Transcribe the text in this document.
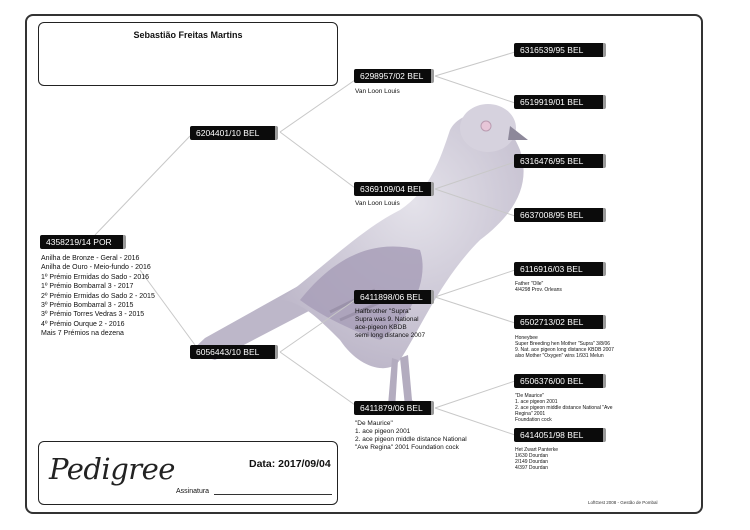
Sebastião Freitas Martins
4358219/14 POR
Anilha de Bronze - Geral - 2016
Anilha de Ouro - Meio-fundo - 2016
1º Prémio Ermidas do Sado - 2016
1º Prémio Bombarral 3 - 2017
2º Prémio Ermidas do Sado 2 - 2015
3º Prémio Bombarral 3 - 2015
3º Prémio Torres Vedras 3 - 2015
4º Prémio Ourque 2 - 2016
Mais 7 Prémios na dezena
6204401/10 BEL
6056443/10 BEL
6298957/02 BEL
Van Loon Louis
6369109/04 BEL
Van Loon Louis
6411898/06 BEL
Halfbrother "Supra"
Supra was 9. National
ace-pigeon KBDB
semi long distance 2007
6411879/06 BEL
"De Maurice"
1. ace pigeon 2001
2. ace pigeon middle distance National
"Ave Regina" 2001 Foundation cock
6316539/95 BEL
6519919/01 BEL
6316476/95 BEL
6637008/95 BEL
6116916/03 BEL
Father "Olle"
4/4298 Prov. Orleans
6502713/02 BEL
Honeybee
Super Breeding hen Mother "Supra" 3/8/06
9. Nat. ace pigeon long distance KBDB 2007
also Mother "Oxygen" wins 1/931 Melun
6506376/00 BEL
"De Maurice"
1. ace pigeon 2001
2. ace pigeon middle distance National "Ave
Regina" 2001
Foundation cock
6414051/98 BEL
Het Zwart Panterke
1/630 Dourdan
2/149 Dourdan
4/397 Dourdan
Pedigree	Data: 2017/09/04
Assinatura
LoftGest 2008 - Gestão de Pombal
